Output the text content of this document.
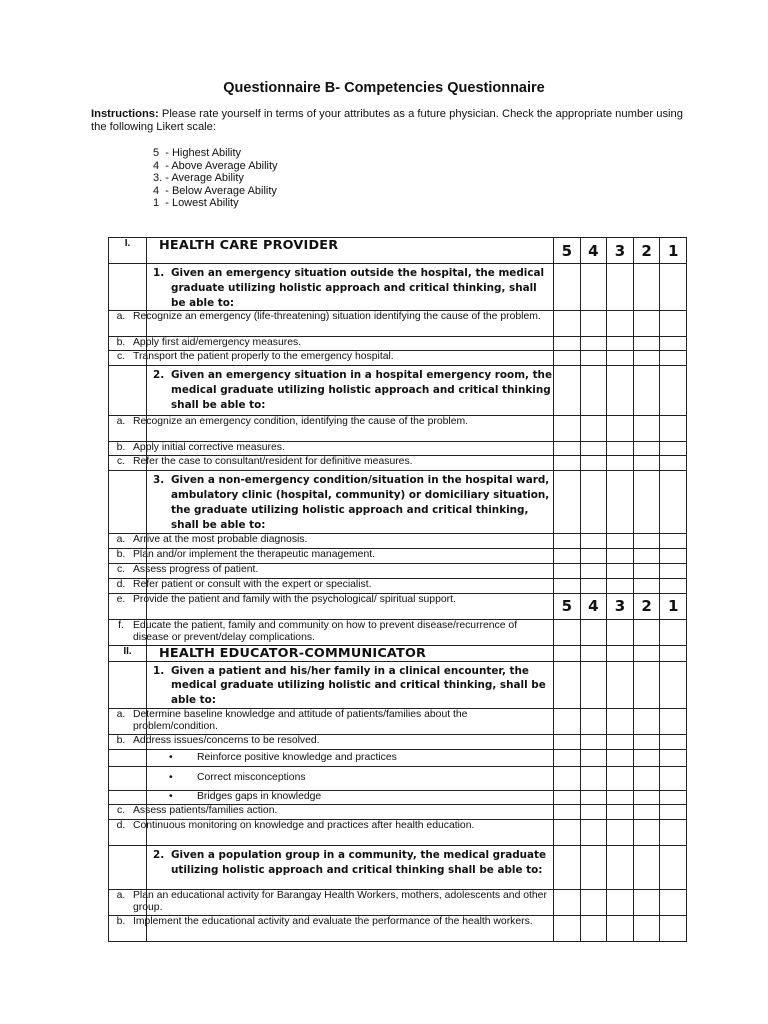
Questionnaire B- Competencies Questionnaire

Instructions: Please rate yourself in terms of your attributes as a future physician. Check the appropriate number using the following Likert scale:

5  - Highest Ability
4  - Above Average Ability
3. - Average Ability
4  - Below Average Ability
1  - Lowest Ability
I.	HEALTH CARE PROVIDER	5	4	3	2	1

	1. Given an emergency situation outside the hospital, the medical graduate utilizing holistic approach and critical thinking, shall be able to:					

	a. Recognize an emergency (life-threatening) situation identifying the cause of the problem.					

	b. Apply first aid/emergency measures.					

	c. Transport the patient properly to the emergency hospital.					

	2. Given an emergency situation in a hospital emergency room, the medical graduate utilizing holistic approach and critical thinking shall be able to:					

	a. Recognize an emergency condition, identifying the cause of the problem.					

	b. Apply initial corrective measures.					

	c. Refer the case to consultant/resident for definitive measures.					

	3. Given a non-emergency condition/situation in the hospital ward, ambulatory clinic (hospital, community) or domiciliary situation, the graduate utilizing holistic approach and critical thinking, shall be able to:					

	a. Arrive at the most probable diagnosis.					

	b. Plan and/or implement the therapeutic management.					

	c. Assess progress of patient.					

	d. Refer patient or consult with the expert or specialist.					

	e. Provide the patient and family with the psychological/ spiritual support.	5	4	3	2	1

	f. Educate the patient, family and community on how to prevent disease/recurrence of disease or prevent/delay complications.					

II.	HEALTH EDUCATOR-COMMUNICATOR					

	1. Given a patient and his/her family in a clinical encounter, the medical graduate utilizing holistic and critical thinking, shall be able to:					

	a. Determine baseline knowledge and attitude of patients/families about the problem/condition.					

	b. Address issues/concerns to be resolved.					

	• Reinforce positive knowledge and practices					

	• Correct misconceptions					

	• Bridges gaps in knowledge					

	c. Assess patients/families action.					

	d. Continuous monitoring on knowledge and practices after health education.					

	2. Given a population group in a community, the medical graduate utilizing holistic approach and critical thinking shall be able to:					

	a. Plan an educational activity for Barangay Health Workers, mothers, adolescents and other group.					

	b. Implement the educational activity and evaluate the performance of the health workers.					
